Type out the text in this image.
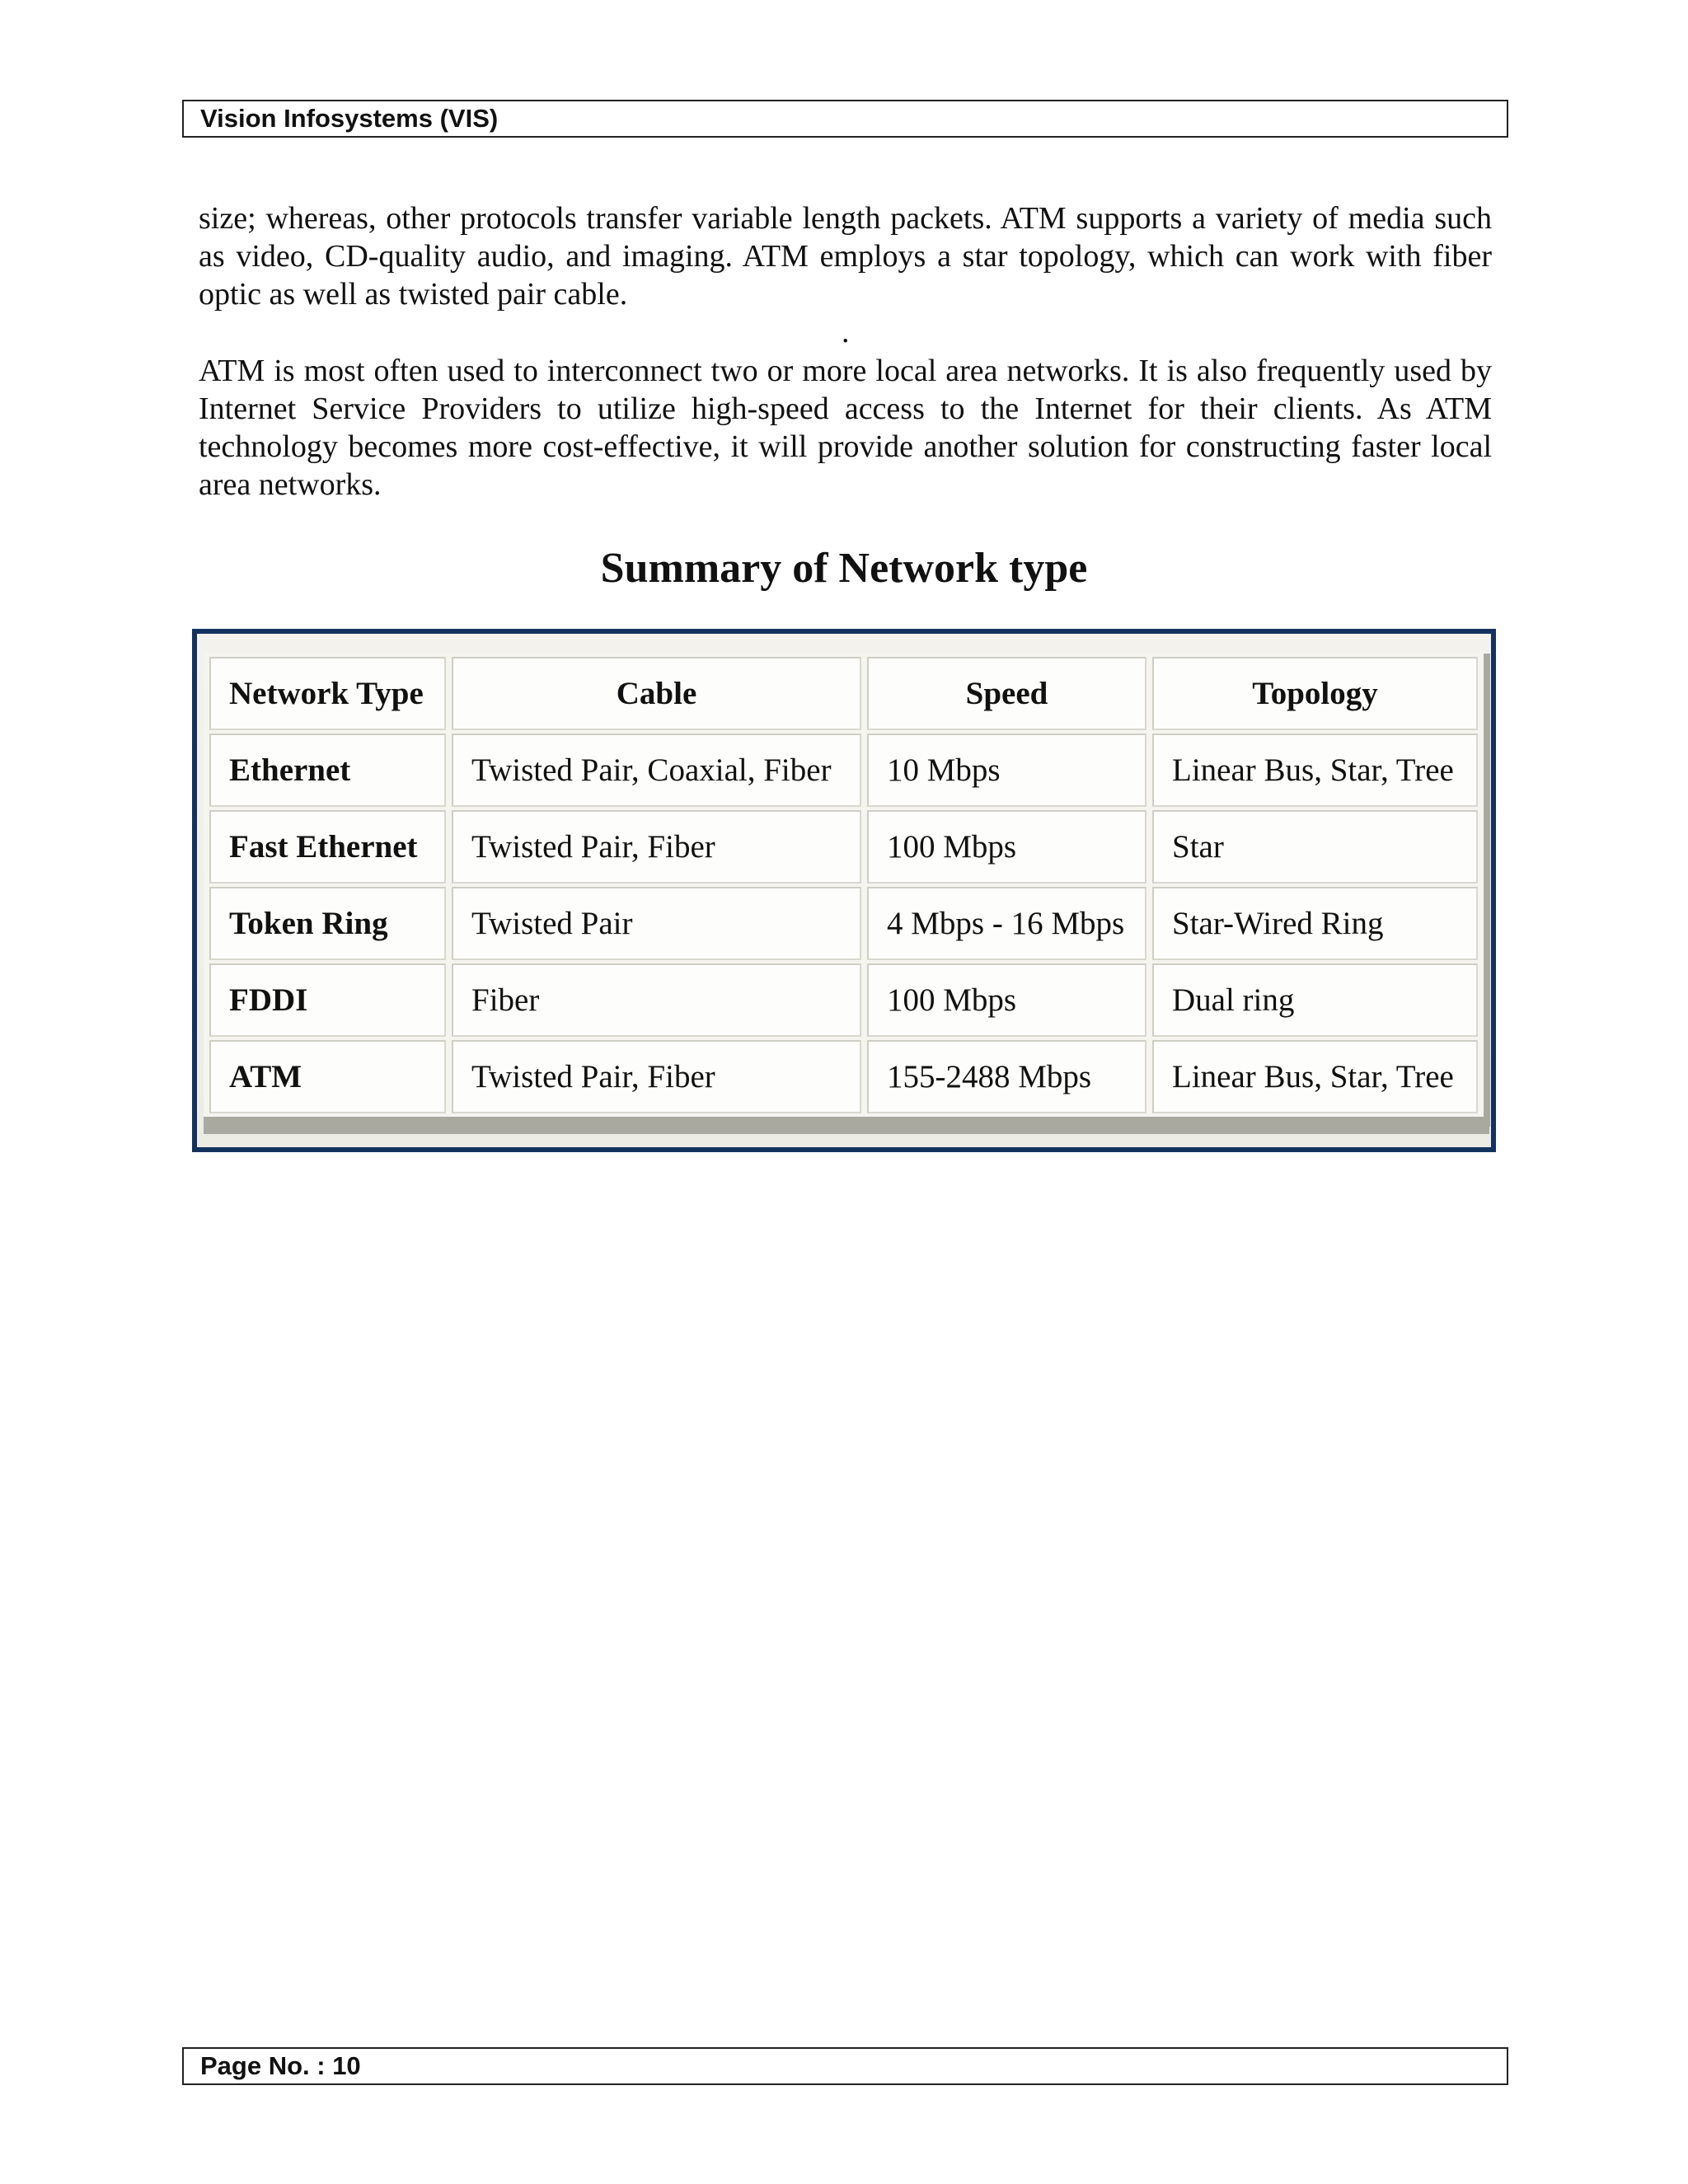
Vision Infosystems (VIS)

size; whereas, other protocols transfer variable length packets. ATM supports a variety of media such as video, CD-quality audio, and imaging. ATM employs a star topology, which can work with fiber optic as well as twisted pair cable.

.

ATM is most often used to interconnect two or more local area networks. It is also frequently used by Internet Service Providers to utilize high-speed access to the Internet for their clients. As ATM technology becomes more cost-effective, it will provide another solution for constructing faster local area networks.

Summary of Network type
Network Type	Cable	Speed	Topology
Ethernet	Twisted Pair, Coaxial, Fiber	10 Mbps	Linear Bus, Star, Tree
Fast Ethernet	Twisted Pair, Fiber	100 Mbps	Star
Token Ring	Twisted Pair	4 Mbps - 16 Mbps	Star-Wired Ring
FDDI	Fiber	100 Mbps	Dual ring
ATM	Twisted Pair, Fiber	155-2488 Mbps	Linear Bus, Star, Tree
Page No. : 10
